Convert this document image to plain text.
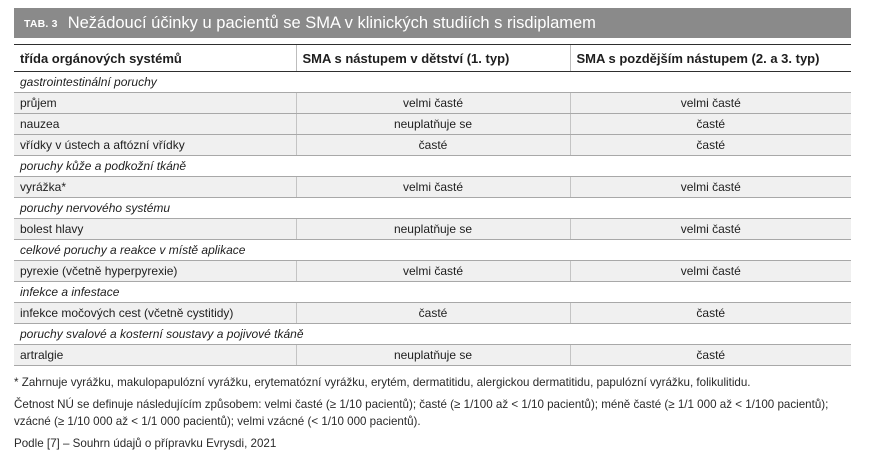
TAB. 3 Nežádoucí účinky u pacientů se SMA v klinických studiích s risdiplamem
třída orgánových systémů	SMA s nástupem v dětství (1. typ)	SMA s pozdějším nástupem (2. a 3. typ)
gastrointestinální poruchy		
průjem	velmi časté	velmi časté
nauzea	neuplatňuje se	časté
vřídky v ústech a aftózní vřídky	časté	časté
poruchy kůže a podkožní tkáně		
vyrážka*	velmi časté	velmi časté
poruchy nervového systému		
bolest hlavy	neuplatňuje se	velmi časté
celkové poruchy a reakce v místě aplikace		
pyrexie (včetně hyperpyrexie)	velmi časté	velmi časté
infekce a infestace		
infekce močových cest (včetně cystitidy)	časté	časté
poruchy svalové a kosterní soustavy a pojivové tkáně		
artralgie	neuplatňuje se	časté

* Zahrnuje vyrážku, makulopapulózní vyrážku, erytematózní vyrážku, erytém, dermatitidu, alergickou dermatitidu, papulózní vyrážku, folikulitidu.

Četnost NÚ se definuje následujícím způsobem: velmi časté (≥ 1/10 pacientů); časté (≥ 1/100 až < 1/10 pacientů); méně časté (≥ 1/1 000 až < 1/100 pacientů); vzácné (≥ 1/10 000 až < 1/1 000 pacientů); velmi vzácné (< 1/10 000 pacientů).

Podle [7] – Souhrn údajů o přípravku Evrysdi, 2021
